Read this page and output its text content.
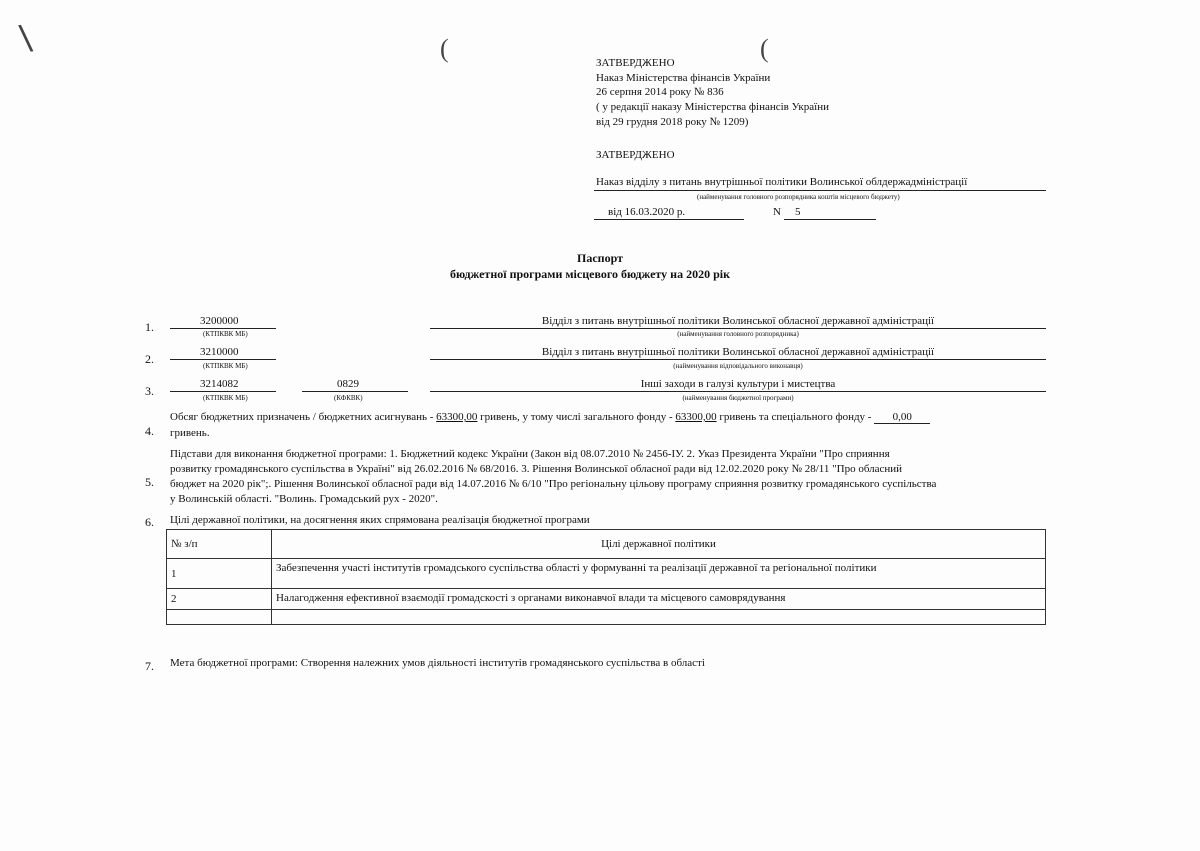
\	(	(
ЗАТВЕРДЖЕНО
Наказ Міністерства фінансів України
26 серпня 2014 року № 836
( у редакції наказу Міністерства фінансів України
від 29 грудня 2018 року № 1209)
ЗАТВЕРДЖЕНО
Наказ відділу з питань внутрішньої політики Волинської облдержадміністрації
(найменування головного розпорядника коштів місцевого бюджету)
від 16.03.2020 р.	N 5
Паспорт
бюджетної програми місцевого бюджету на 2020 рік
1.	3200000
(КТПКВК МБ)
Відділ з питань внутрішньої політики Волинської обласної державної адміністрації
(найменування головного розпорядника)
2.	3210000
(КТПКВК МБ)
Відділ з питань внутрішньої політики Волинської обласної державної адміністрації
(найменування відповідального виконавця)
3.	3214082
(КТПКВК МБ)
0829
(КФКВК)
Інші заходи в галузі культури і мистецтва
(найменування бюджетної програми)
4.
Обсяг бюджетних призначень / бюджетних асигнувань - 63300,00 гривень, у тому числі загального фонду - 63300,00 гривень та спеціального фонду - 0,00
гривень.
5.
Підстави для виконання бюджетної програми: 1. Бюджетний кодекс України (Закон від 08.07.2010 № 2456-ІУ. 2. Указ Президента України "Про сприяння
розвитку громадянського суспільства в Україні" від 26.02.2016 № 68/2016. 3. Рішення Волинської обласної ради від 12.02.2020 року № 28/11 "Про обласний
бюджет на 2020 рік";. Рішення Волинської обласної ради від 14.07.2016 № 6/10 "Про регіональну цільову програму сприяння розвитку громадянського суспільства
у Волинській області. "Волинь. Громадський рух - 2020".
6. Цілі державної політики, на досягнення яких спрямована реалізація бюджетної програми
№ з/п	Цілі державної політики
1	Забезпечення участі інститутів громадського суспільства області у формуванні та реалізації державної та регіональної політики
2	Налагодження ефективної взаємодії громадскості з органами виконавчої влади та місцевого самоврядування

7. Мета бюджетної програми: Створення належних умов діяльності інститутів громадянського суспільства в області
